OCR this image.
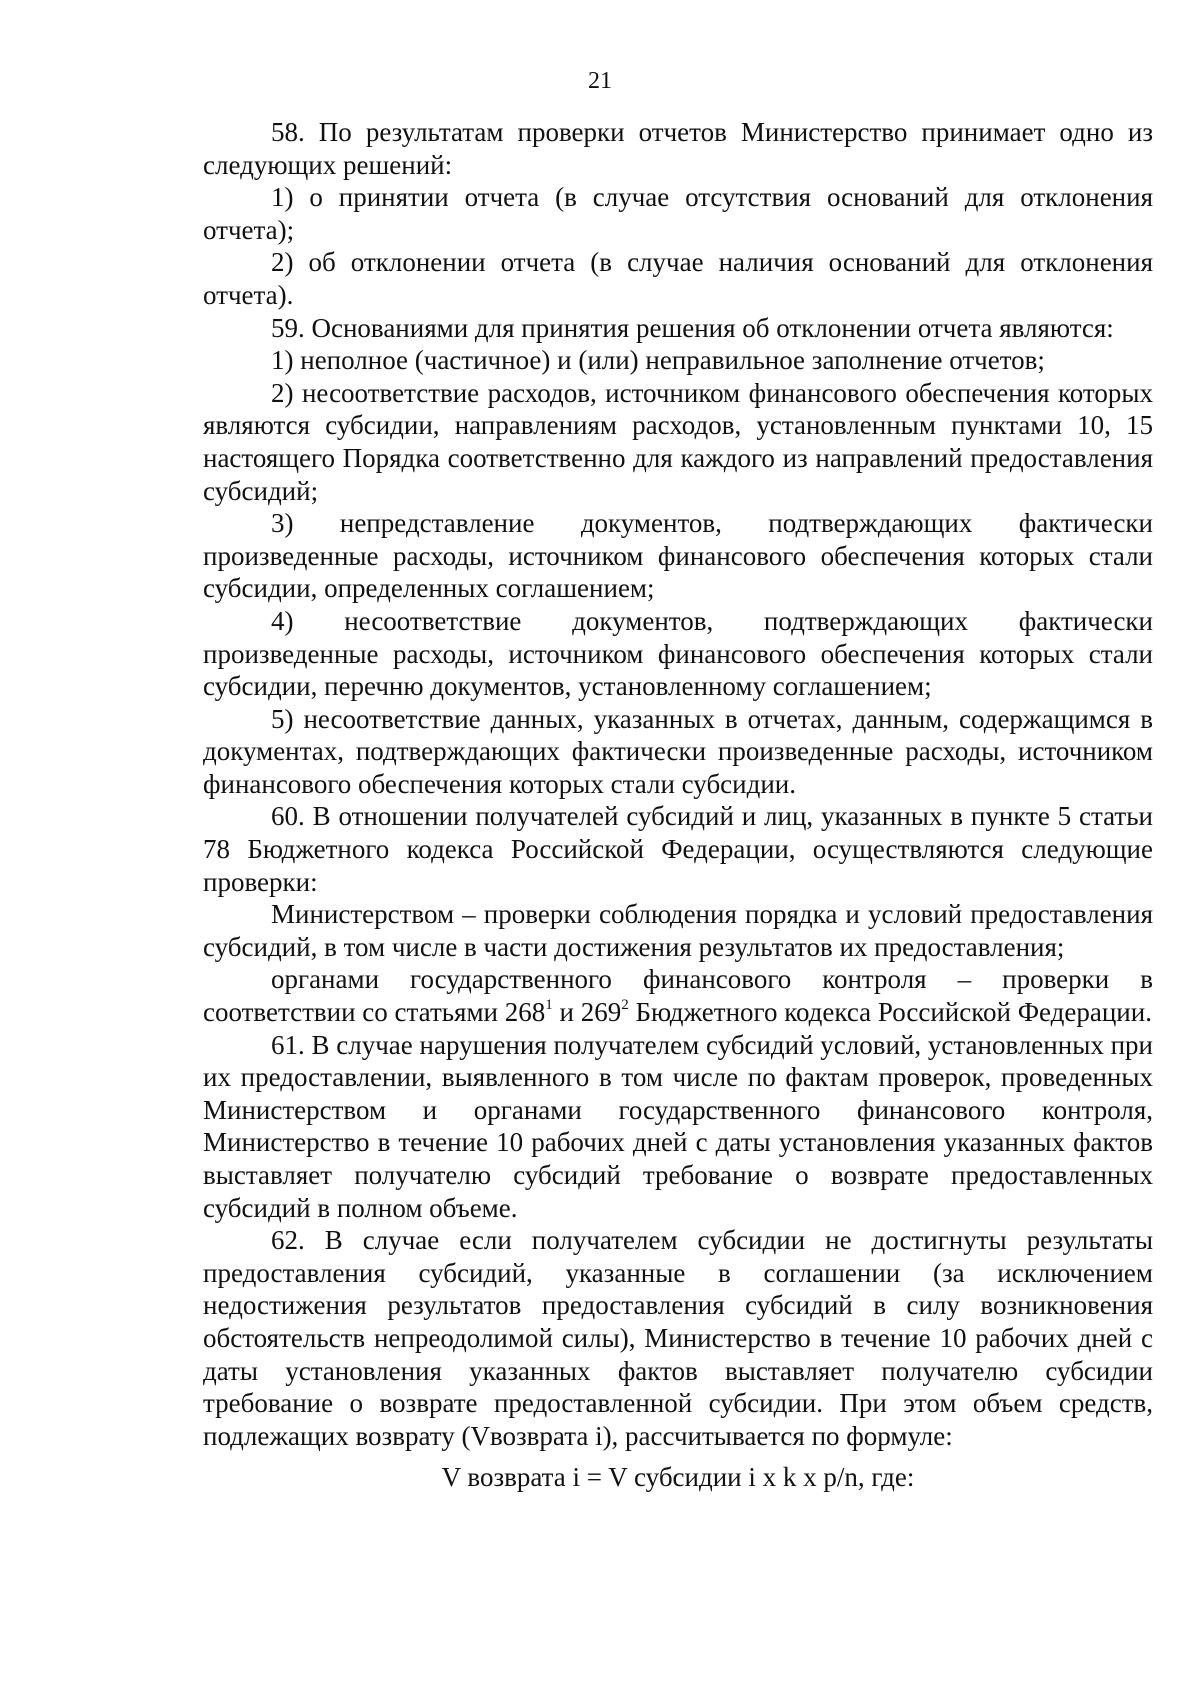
21

58. По результатам проверки отчетов Министерство принимает одно из следующих решений:

1) о принятии отчета (в случае отсутствия оснований для отклонения отчета);

2) об отклонении отчета (в случае наличия оснований для отклонения отчета).

59. Основаниями для принятия решения об отклонении отчета являются:

1) неполное (частичное) и (или) неправильное заполнение отчетов;

2) несоответствие расходов, источником финансового обеспечения которых являются субсидии, направлениям расходов, установленным пунктами 10, 15 настоящего Порядка соответственно для каждого из направлений предоставления субсидий;

3) непредставление документов, подтверждающих фактически произведенные расходы, источником финансового обеспечения которых стали субсидии, определенных соглашением;

4) несоответствие документов, подтверждающих фактически произведенные расходы, источником финансового обеспечения которых стали субсидии, перечню документов, установленному соглашением;

5) несоответствие данных, указанных в отчетах, данным, содержащимся в документах, подтверждающих фактически произведенные расходы, источником финансового обеспечения которых стали субсидии.

60. В отношении получателей субсидий и лиц, указанных в пункте 5 статьи 78 Бюджетного кодекса Российской Федерации, осуществляются следующие проверки:

Министерством – проверки соблюдения порядка и условий предоставления субсидий, в том числе в части достижения результатов их предоставления;

органами государственного финансового контроля – проверки в соответствии со статьями $268^1$ и $269^2$ Бюджетного кодекса Российской Федерации.

61. В случае нарушения получателем субсидий условий, установленных при их предоставлении, выявленного в том числе по фактам проверок, проведенных Министерством и органами государственного финансового контроля, Министерство в течение 10 рабочих дней с даты установления указанных фактов выставляет получателю субсидий требование о возврате предоставленных субсидий в полном объеме.

62. В случае если получателем субсидии не достигнуты результаты предоставления субсидий, указанные в соглашении (за исключением недостижения результатов предоставления субсидий в силу возникновения обстоятельств непреодолимой силы), Министерство в течение 10 рабочих дней с даты установления указанных фактов выставляет получателю субсидии требование о возврате предоставленной субсидии. При этом объем средств, подлежащих возврату (Vвозврата i), рассчитывается по формуле:

V возврата i = V субсидии i x k x p/n, где:
